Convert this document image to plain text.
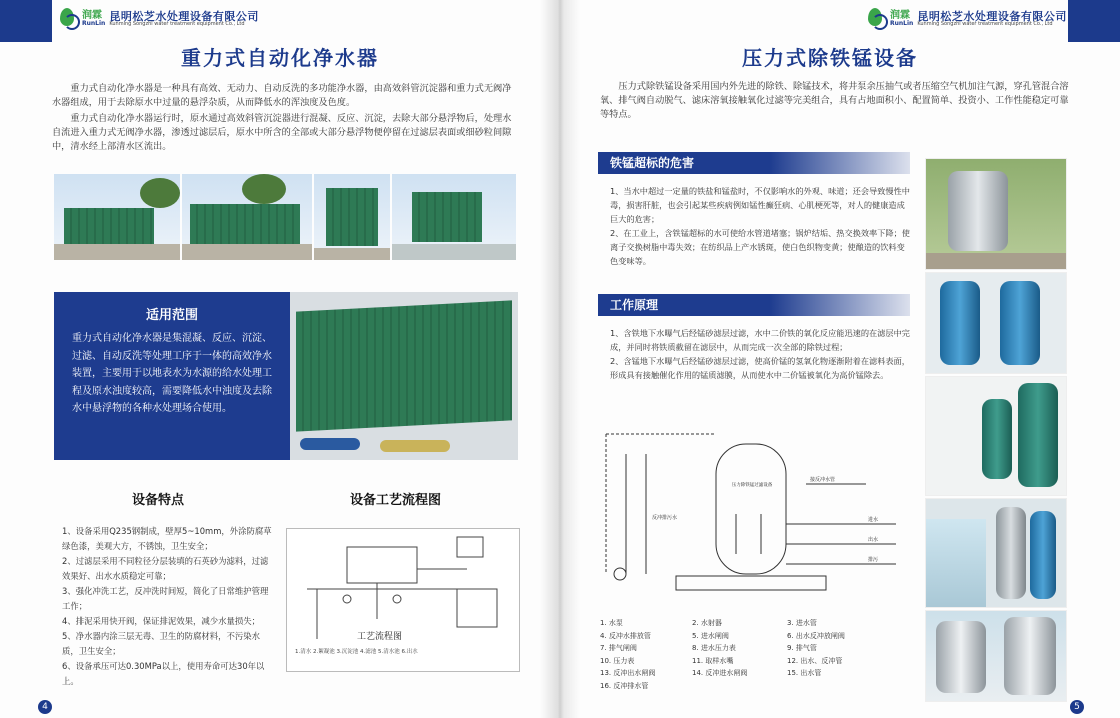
润霖
RunLin
昆明松芝水处理设备有限公司
Kunming Songzhi water treatment equipment Co., Ltd
重力式自动化净水器
重力式自动化净水器是一种具有高效、无动力、自动反洗的多功能净水器，由高效斜管沉淀器和重力式无阀净水器组成，用于去除原水中过量的悬浮杂质，从而降低水的浑浊度及色度。
重力式自动化净水器运行时，原水通过高效斜管沉淀器进行混凝、反应、沉淀，去除大部分悬浮物后，处理水自流进入重力式无阀净水器，渗透过滤层后，原水中所含的全部或大部分悬浮物便停留在过滤层表面或细砂粒间隙中，清水经上部清水区流出。
适用范围
重力式自动化净水器是集混凝、反应、沉淀、过滤、自动反洗等处理工序于一体的高效净水装置，主要用于以地表水为水源的给水处理工程及原水浊度较高，需要降低水中浊度及去除水中悬浮物的各种水处理场合使用。
设备特点	设备工艺流程图

1、设备采用Q235钢制成，壁厚5~10mm，外涂防腐草绿色漆，美观大方，不锈蚀，卫生安全；

2、过滤层采用不同粒径分层装填的石英砂为滤料，过滤效果好、出水水质稳定可靠；

3、强化冲洗工艺，反冲洗时间短，简化了日常维护管理工作；

4、排泥采用快开阀，保证排泥效果，减少水量损失；

5、净水器内涂三层无毒、卫生的防腐材料，不污染水质，卫生安全；

6、设备承压可达0.30MPa以上，使用寿命可达30年以上。

工艺流程图
1.清水 2.絮凝池 3.沉淀池 4.滤池 5.清水池 6.出水
4
润霖
RunLin
昆明松芝水处理设备有限公司
Kunming Songzhi water treatment equipment Co., Ltd
压力式除铁锰设备
压力式除铁锰设备采用国内外先进的除铁、除锰技术，将井泵余压抽气或者压缩空气机加注气源，穿孔管混合溶氧、排气阀自动脱气、滤床溶氧接触氧化过滤等完美组合，具有占地面积小、配置简单、投资小、工作性能稳定可靠等特点。
铁锰超标的危害

1、当水中超过一定量的铁盐和锰盐时，不仅影响水的外观、味道；还会导致慢性中毒，损害肝脏，也会引起某些疾病例如锰性癫狂病、心肌梗死等，对人的健康造成巨大的危害；

2、在工业上，含铁锰超标的水可使给水管道堵塞；锅炉结垢、热交换效率下降；使离子交换树脂中毒失效；在纺织品上产水锈斑，使白色织物变黄；使酿造的饮料变色变味等。

工作原理

1、含铁地下水曝气后经锰砂滤层过滤，水中二价铁的氧化反应能迅速的在滤层中完成，并同时将铁质截留在滤层中，从而完成一次全部的除铁过程；

2、含锰地下水曝气后经锰砂滤层过滤，使高价锰的氢氧化物逐渐附着在滤料表面，形成具有接触催化作用的锰质滤膜，从而使水中二价锰被氧化为高价锰除去。

压力除铁锰过滤设备
进水
出水
排污
反冲排污水
接反冲水管
1. 水泵	2. 水射器	3. 进水管
4. 反冲水排放管	5. 进水闸阀	6. 出水反冲放闸阀
7. 排气闸阀	8. 进水压力表	9. 排气管
10. 压力表	11. 取样水嘴	12. 出水、反冲管
13. 反冲出水闸阀	14. 反冲进水闸阀	15. 出水管
16. 反冲排水管
5
